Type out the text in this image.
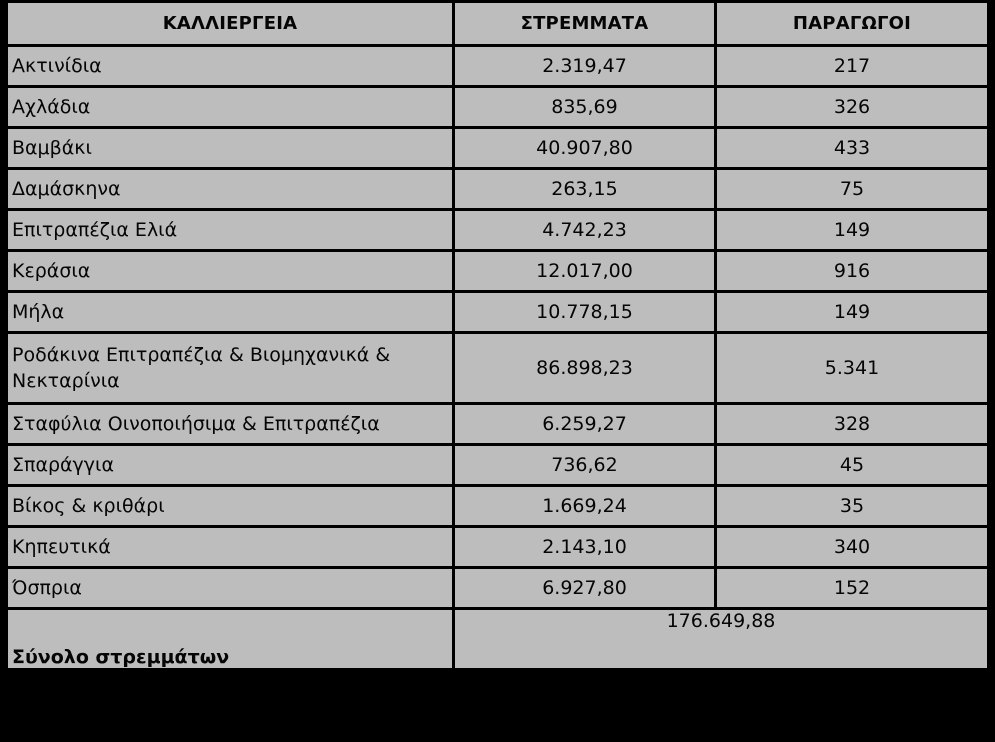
ΚΑΛΛΙΕΡΓΕΙΑ	ΣΤΡΕΜΜΑΤΑ	ΠΑΡΑΓΩΓΟΙ
Ακτινίδια	2.319,47	217
Αχλάδια	835,69	326
Βαμβάκι	40.907,80	433
Δαμάσκηνα	263,15	75
Επιτραπέζια Ελιά	4.742,23	149
Κεράσια	12.017,00	916
Μήλα	10.778,15	149
Ροδάκινα Επιτραπέζια & Βιομηχανικά & Νεκταρίνια	86.898,23	5.341
Σταφύλια Οινοποιήσιμα & Επιτραπέζια	6.259,27	328
Σπαράγγια	736,62	45
Βίκος & κριθάρι	1.669,24	35
Κηπευτικά	2.143,10	340
Όσπρια	6.927,80	152
Σύνολο στρεμμάτων	176.649,88	
